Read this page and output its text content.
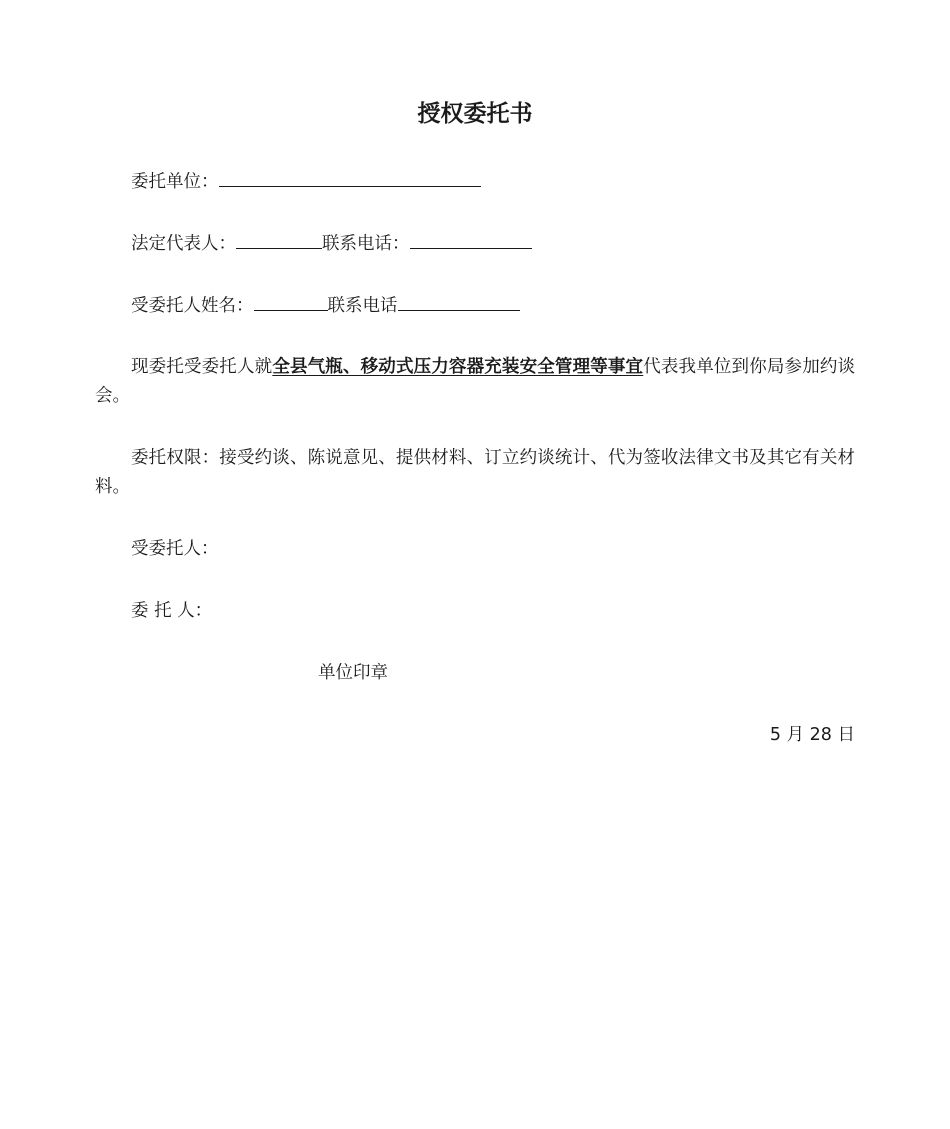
授权委托书
委托单位：
法定代表人：	联系电话：
受委托人姓名：	联系电话
现委托受委托人就全县气瓶、移动式压力容器充装安全管理等事宜代表我单位到你局参加约谈会。
委托权限：接受约谈、陈说意见、提供材料、订立约谈统计、代为签收法律文书及其它有关材料。
受委托人：
委 托 人：
单位印章
5 月 28 日
